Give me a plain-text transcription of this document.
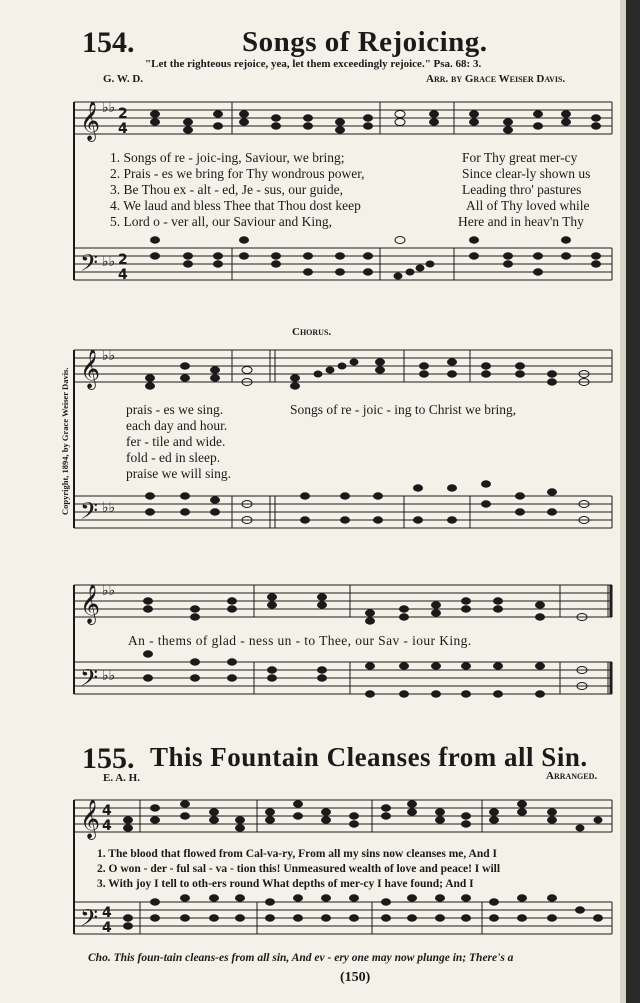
154.	Songs of Rejoicing.
"Let the righteous rejoice, yea, let them exceedingly rejoice." Psa. 68: 3.
G. W. D.	Arr. by Grace Weiser Davis.
Copyright, 1894, by Grace Weiser Davis.
𝄞
𝄢
𝄞
𝄢
𝄞
𝄢
𝄞
𝄢
♭♭
♭♭
♭♭
♭♭
♭♭
♭♭
2
4
2
4
4
4
4
4
1. Songs of re - joic-ing, Saviour, we bring;	For Thy great mer-cy
2. Prais - es we bring for Thy wondrous power,	Since clear-ly shown us
3. Be Thou ex - alt - ed, Je - sus, our guide,	Leading thro' pastures
4. We laud and bless Thee that Thou dost keep	All of Thy loved while
5. Lord o - ver all, our Saviour and King,	Here and in heav'n Thy
Chorus.
prais - es we sing.	Songs of re - joic - ing to Christ we bring,
each day and hour.
fer - tile and wide.
fold - ed in sleep.
praise we will sing.
An - thems of glad - ness un - to Thee, our Sav - iour King.
155. This Fountain Cleanses from all Sin.
E. A. H.	Arranged.
1. The blood that flowed from Cal-va-ry, From all my sins now cleanses me, And I
2. O won - der - ful sal - va - tion this! Unmeasured wealth of love and peace! I will
3. With joy I tell to oth-ers round What depths of mer-cy I have found; And I
Cho. This foun-tain cleans-es from all sin, And ev - ery one may now plunge in; There's a
(150)
